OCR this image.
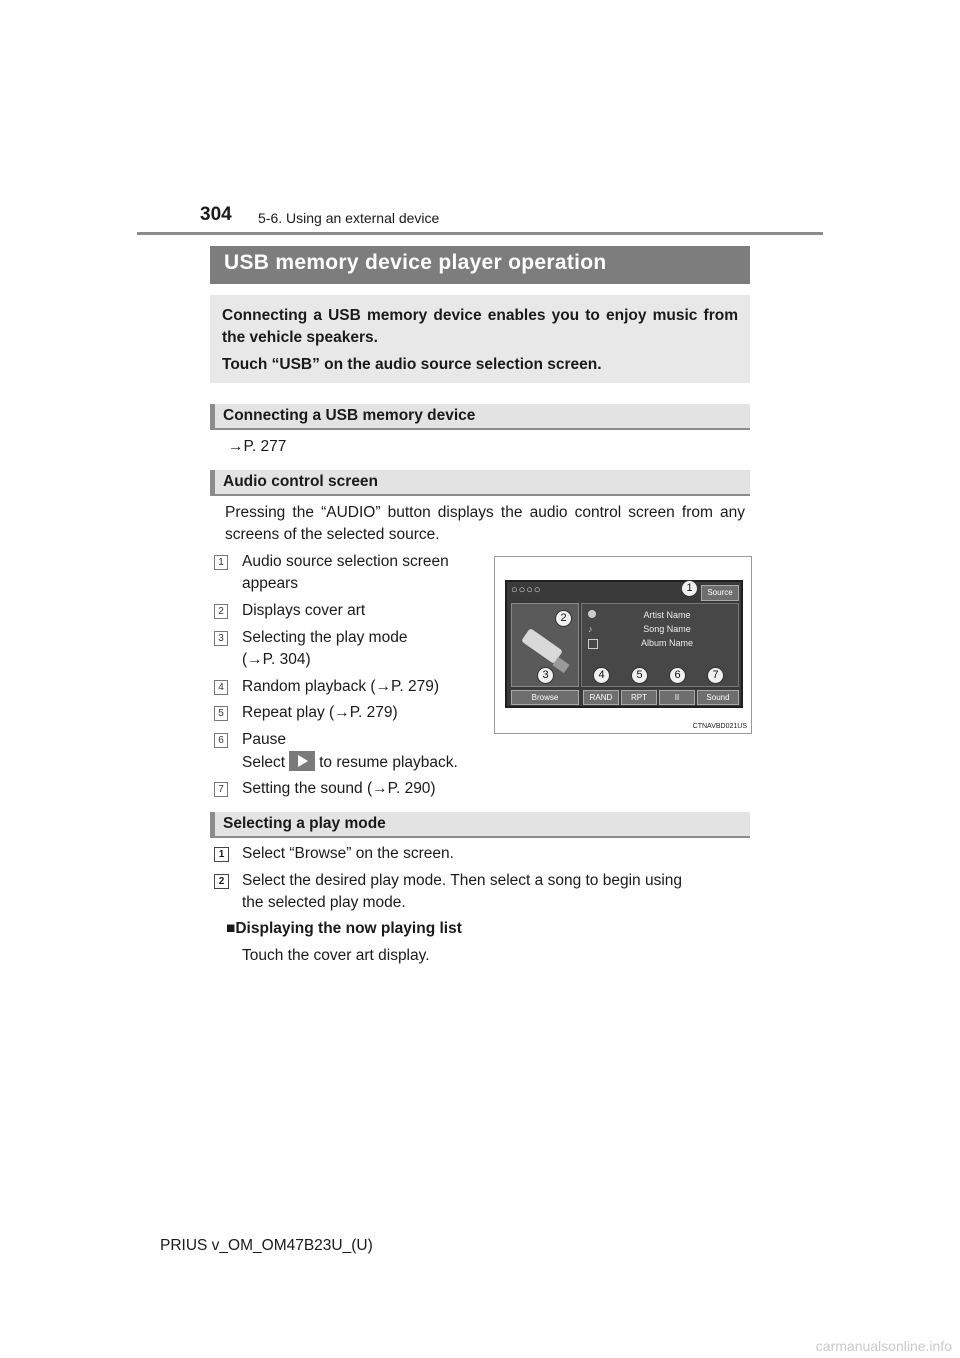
304 5-6. Using an external device
USB memory device player operation

Connecting a USB memory device enables you to enjoy music from the vehicle speakers.

Touch “USB” on the audio source selection screen.

Connecting a USB memory device
→P. 277
Audio control screen
Pressing the “AUDIO” button displays the audio control screen from any screens of the selected source.
1 Audio source selection screen
appears
2 Displays cover art
3 Selecting the play mode
(→P. 304)
4 Random playback (→P. 279)
5 Repeat play (→P. 279)
6 Pause
Select to resume playback.
7 Setting the sound (→P. 290)
○○○○	Source
♪
Artist Name
Song Name
Album Name
Browse	RAND	RPT	II	Sound
1
2
3	4	5	6	7
CTNAVBD021US
Selecting a play mode
1	Select “Browse” on the screen.
2	Select the desired play mode. Then select a song to begin using
the selected play mode.
■Displaying the now playing list
Touch the cover art display.
PRIUS v_OM_OM47B23U_(U)
carmanualsonline.info
